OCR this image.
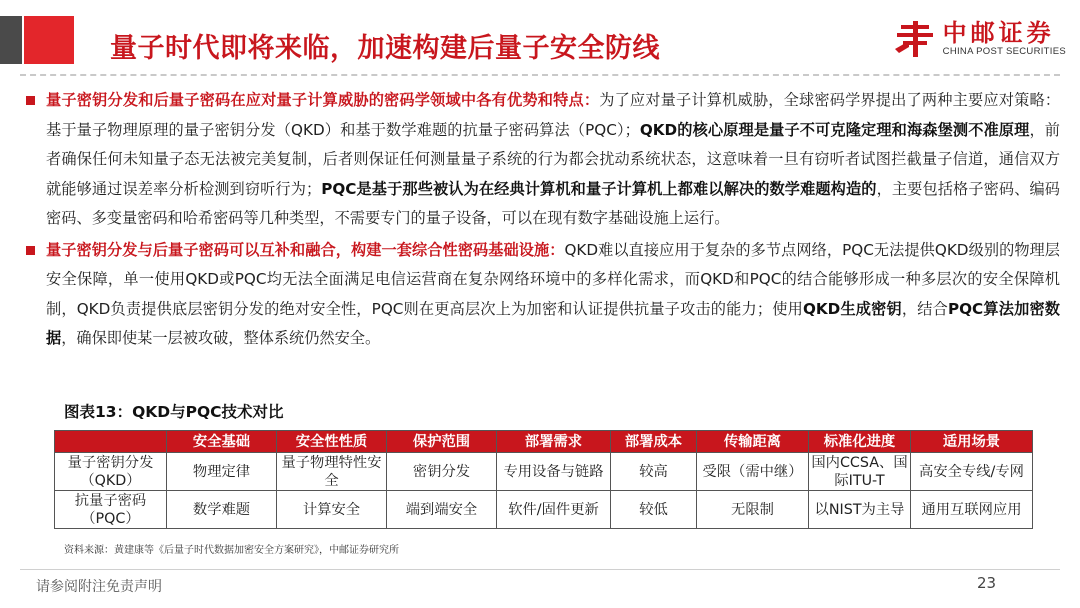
量子时代即将来临，加速构建后量子安全防线	中邮证券
CHINA POST SECURITIES
量子密钥分发和后量子密码在应对量子计算威胁的密码学领域中各有优势和特点：为了应对量子计算机威胁，全球密码学界提出了两种主要应对策略：基于量子物理原理的量子密钥分发（QKD）和基于数学难题的抗量子密码算法（PQC）；QKD的核心原理是量子不可克隆定理和海森堡测不准原理，前者确保任何未知量子态无法被完美复制，后者则保证任何测量量子系统的行为都会扰动系统状态，这意味着一旦有窃听者试图拦截量子信道，通信双方就能够通过误差率分析检测到窃听行为；PQC是基于那些被认为在经典计算机和量子计算机上都难以解决的数学难题构造的，主要包括格子密码、编码密码、多变量密码和哈希密码等几种类型，不需要专门的量子设备，可以在现有数字基础设施上运行。
量子密钥分发与后量子密码可以互补和融合，构建一套综合性密码基础设施：QKD难以直接应用于复杂的多节点网络，PQC无法提供QKD级别的物理层安全保障，单一使用QKD或PQC均无法全面满足电信运营商在复杂网络环境中的多样化需求，而QKD和PQC的结合能够形成一种多层次的安全保障机制，QKD负责提供底层密钥分发的绝对安全性，PQC则在更高层次上为加密和认证提供抗量子攻击的能力；使用QKD生成密钥，结合PQC算法加密数据，确保即使某一层被攻破，整体系统仍然安全。
图表13：QKD与PQC技术对比
	安全基础	安全性性质	保护范围	部署需求	部署成本	传输距离	标准化进度	适用场景
量子密钥分发（QKD）	物理定律	量子物理特性安全	密钥分发	专用设备与链路	较高	受限（需中继）	国内CCSA、国际ITU-T	高安全专线/专网
抗量子密码（PQC）	数学难题	计算安全	端到端安全	软件/固件更新	较低	无限制	以NIST为主导	通用互联网应用
资料来源：黄建康等《后量子时代数据加密安全方案研究》，中邮证券研究所
请参阅附注免责声明	23
